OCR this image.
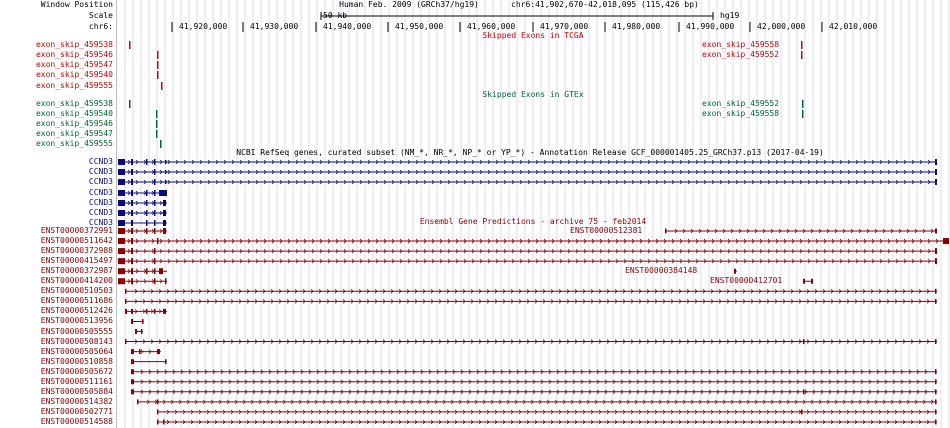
Window Position
Scale
chr6:
exon_skip_459538
exon_skip_459546
exon_skip_459547
exon_skip_459540
exon_skip_459555
exon_skip_459538
exon_skip_459540
exon_skip_459546
exon_skip_459547
exon_skip_459555
CCND3
CCND3
CCND3
CCND3
CCND3
CCND3
CCND3
ENST00000372991
ENST00000511642
ENST00000372988
ENST00000415497
ENST00000372987
ENST00000414200
ENST00000510503
ENST00000511686
ENST00000512426
ENST00000513956
ENST00000505555
ENST00000508143
ENST00000505064
ENST00000510858
ENST00000505672
ENST00000511161
ENST00000505884
ENST00000514382
ENST00000502771
ENST00000514588
Human Feb. 2009 (GRCh37/hg19)	chr6:41,902,670-42,018,095 (115,426 bp)
50 kb	hg19
Skipped Exons in TCGA
Skipped Exons in GTEx
NCBI RefSeq genes, curated subset (NM_*, NR_*, NP_* or YP_*) - Annotation Release GCF_000001405.25_GRCh37.p13 (2017-04-19)
Ensembl Gene Predictions - archive 75 - feb2014
41,920,000	41,930,000	41,940,000	41,950,000	41,960,000	41,970,000	41,980,000	41,990,000	42,000,000	42,010,000
ENST00000512381
ENST00000384148
ENST00000412701
exon_skip_459558
exon_skip_459552
exon_skip_459552
exon_skip_459558
